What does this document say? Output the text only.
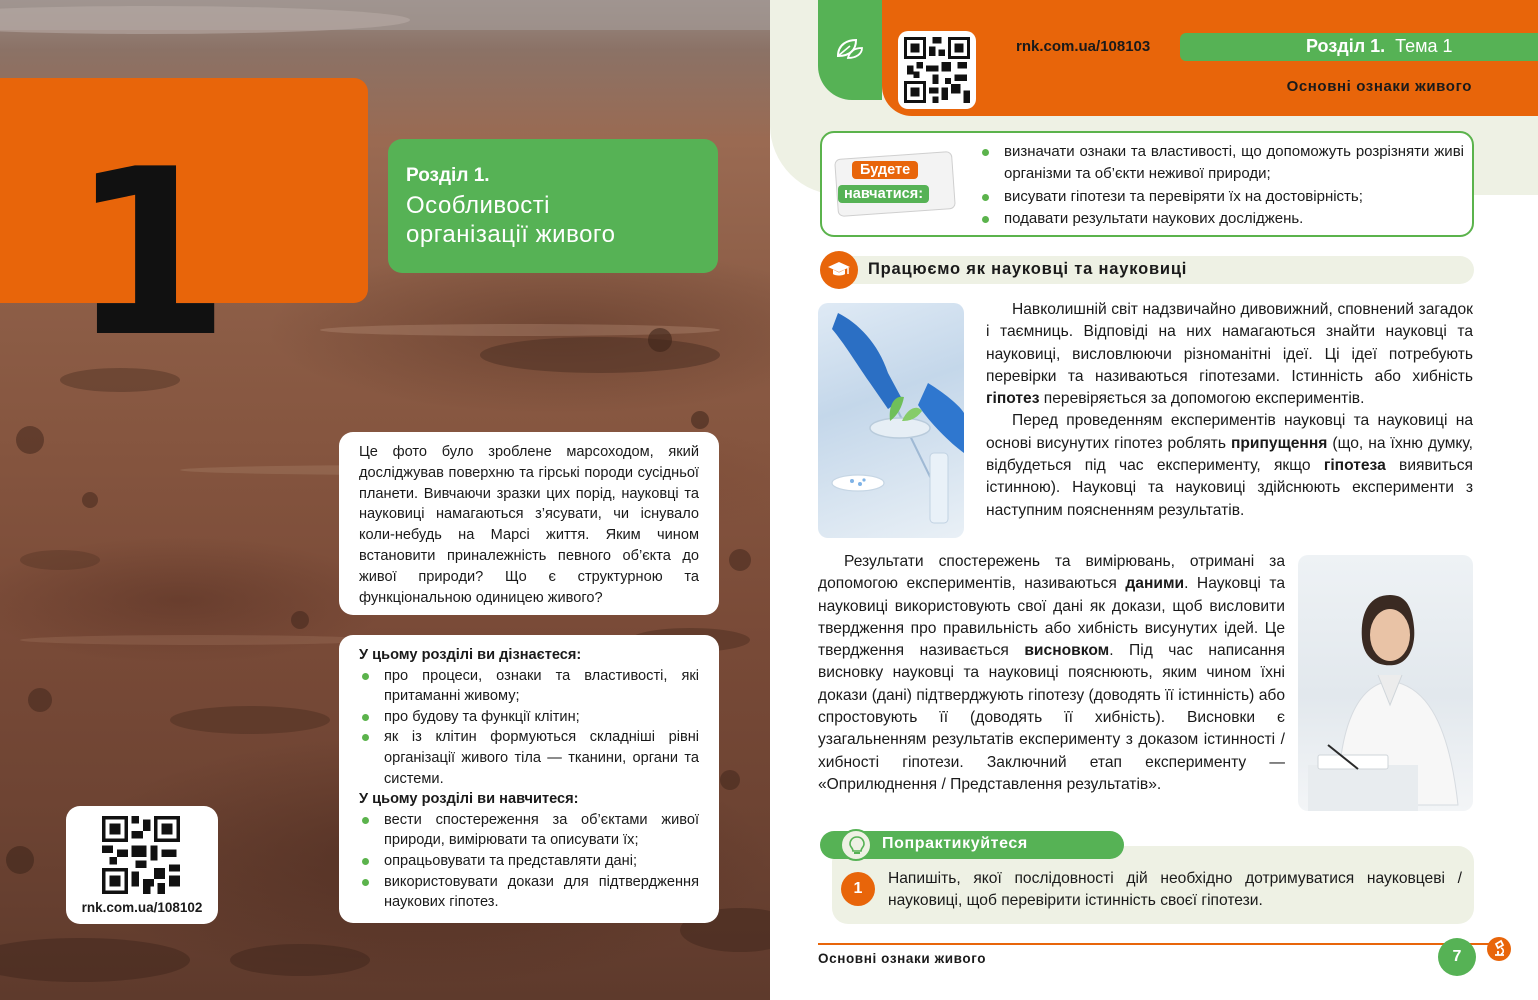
1	Розділ 1.
Особливості
організації живого
Це фото було зроблене марсоходом, який досліджував поверхню та гірські породи сусідньої планети. Вивчаючи зразки цих порід, науковці та науковиці намагаються з’ясувати, чи існувало коли-небудь на Марсі життя. Яким чином встановити приналежність певного об’єкта до живої природи? Що є структурною та функціональною одиницею живого?
У цьому розділі ви дізнаєтеся:
про процеси, ознаки та властивості, які притаманні живому;
про будову та функції клітин;
як із клітин формуються складніші рівні організації живого тіла — тканини, органи та системи.
У цьому розділі ви навчитеся:
вести спостереження за об’єктами живої природи, вимірювати та описувати їх;
опрацьовувати та представляти дані;
використовувати докази для підтвердження наукових гіпотез.
rnk.com.ua/108102
rnk.com.ua/108103	Розділ 1. Тема 1
Основні ознаки живого
Будете
навчатися:
визначати ознаки та властивості, що допоможуть розрізняти живі організми та об’єкти неживої природи;
висувати гіпотези та перевіряти їх на достовірність;
подавати результати наукових досліджень.
Працюємо як науковці та науковиці

Навколишній світ надзвичайно дивовижний, сповнений загадок і таємниць. Відповіді на них намагаються знайти науковці та науковиці, висловлюючи різноманітні ідеї. Ці ідеї потребують перевірки та називаються гіпотезами. Істинність або хибність гіпотез перевіряється за допомогою експериментів.

Перед проведенням експериментів науковці та науковиці на основі висунутих гіпотез роблять припущення (що, на їхню думку, відбудеться під час експерименту, якщо гіпотеза виявиться істинною). Науковці та науковиці здійснюють експерименти з наступним поясненням результатів.

Результати спостережень та вимірювань, отримані за допомогою експериментів, називаються даними. Науковці та науковиці використовують свої дані як докази, щоб висловити твердження про правильність або хибність висунутих ідей. Це твердження називається висновком. Під час написання висновку науковці та науковиці пояснюють, яким чином їхні докази (дані) підтверджують гіпотезу (доводять її істинність) або спростовують її (доводять її хибність). Висновки є узагальненням результатів експерименту з доказом істинності / хибності гіпотези. Заключний етап експерименту — «Оприлюднення / Представлення результатів».

1
Напишіть, якої послідовності дій необхідно дотримуватися науковцеві / науковиці, щоб перевірити істинність своєї гіпотези.
Попрактикуйтеся
Основні ознаки живого	7
